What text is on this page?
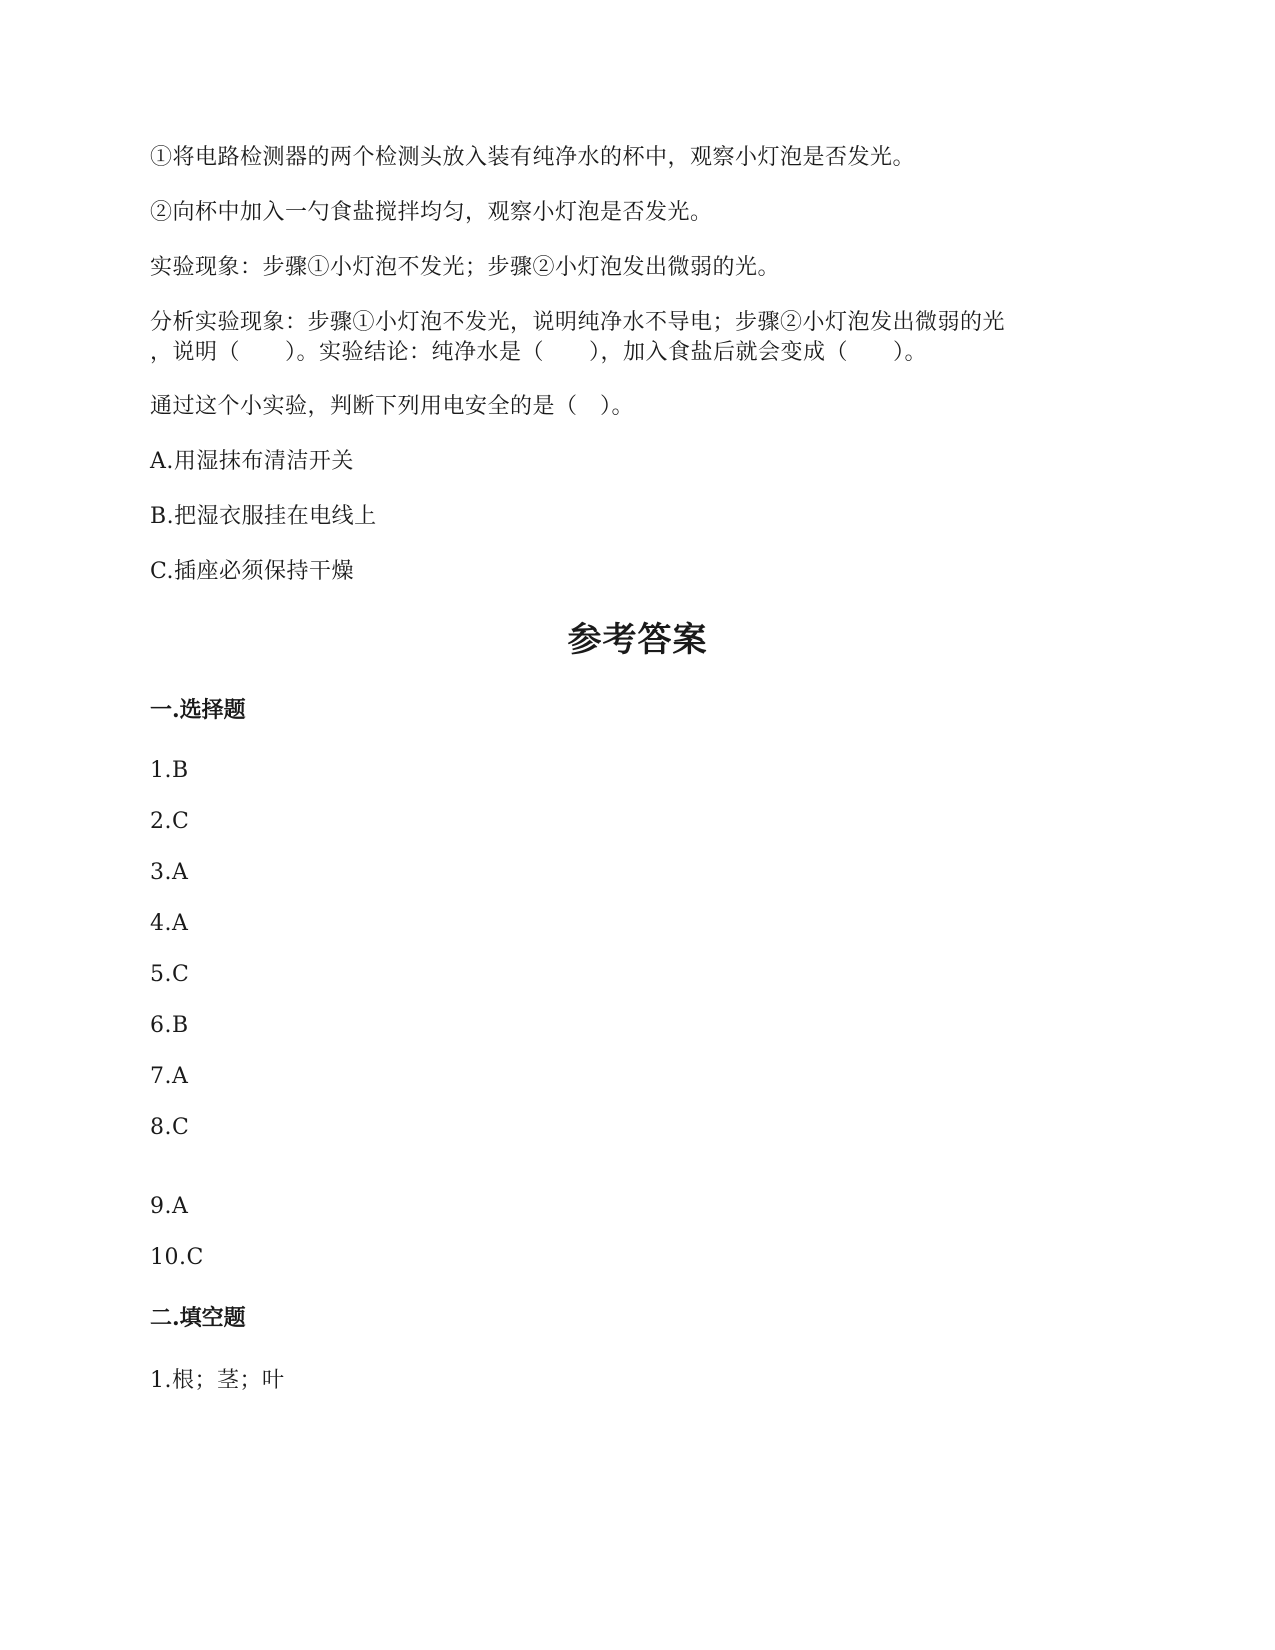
①将电路检测器的两个检测头放入装有纯净水的杯中，观察小灯泡是否发光。
②向杯中加入一勺食盐搅拌均匀，观察小灯泡是否发光。
实验现象：步骤①小灯泡不发光；步骤②小灯泡发出微弱的光。
分析实验现象：步骤①小灯泡不发光，说明纯净水不导电；步骤②小灯泡发出微弱的光
，说明（　　）。实验结论：纯净水是（　　），加入食盐后就会变成（　　）。
通过这个小实验，判断下列用电安全的是（　）。
A.用湿抹布清洁开关
B.把湿衣服挂在电线上
C.插座必须保持干燥
参考答案
一.选择题
1.B
2.C
3.A
4.A
5.C
6.B
7.A
8.C
9.A
10.C
二.填空题
1.根；茎；叶
